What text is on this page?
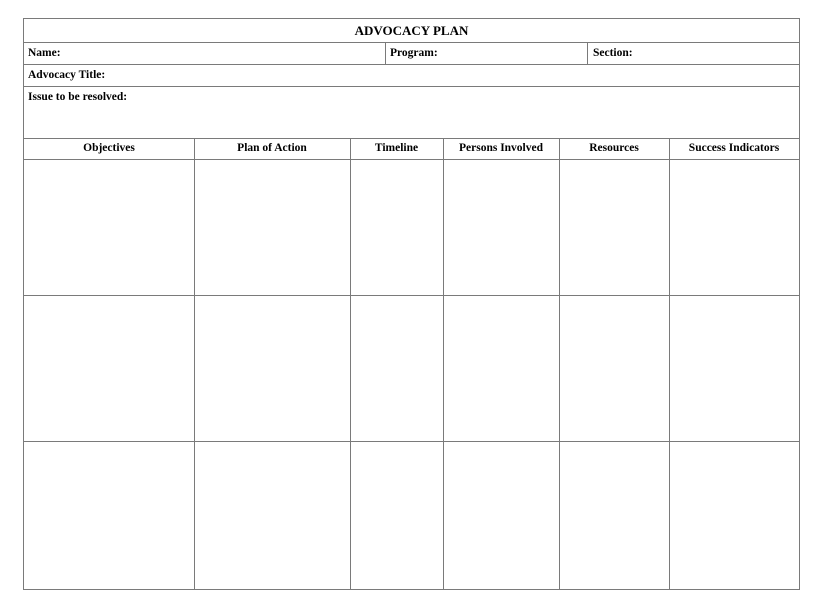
ADVOCACY PLAN
Name:	Program:	Section:
Advocacy Title:
Issue to be resolved:
Objectives	Plan of Action	Timeline	Persons Involved	Resources	Success Indicators
